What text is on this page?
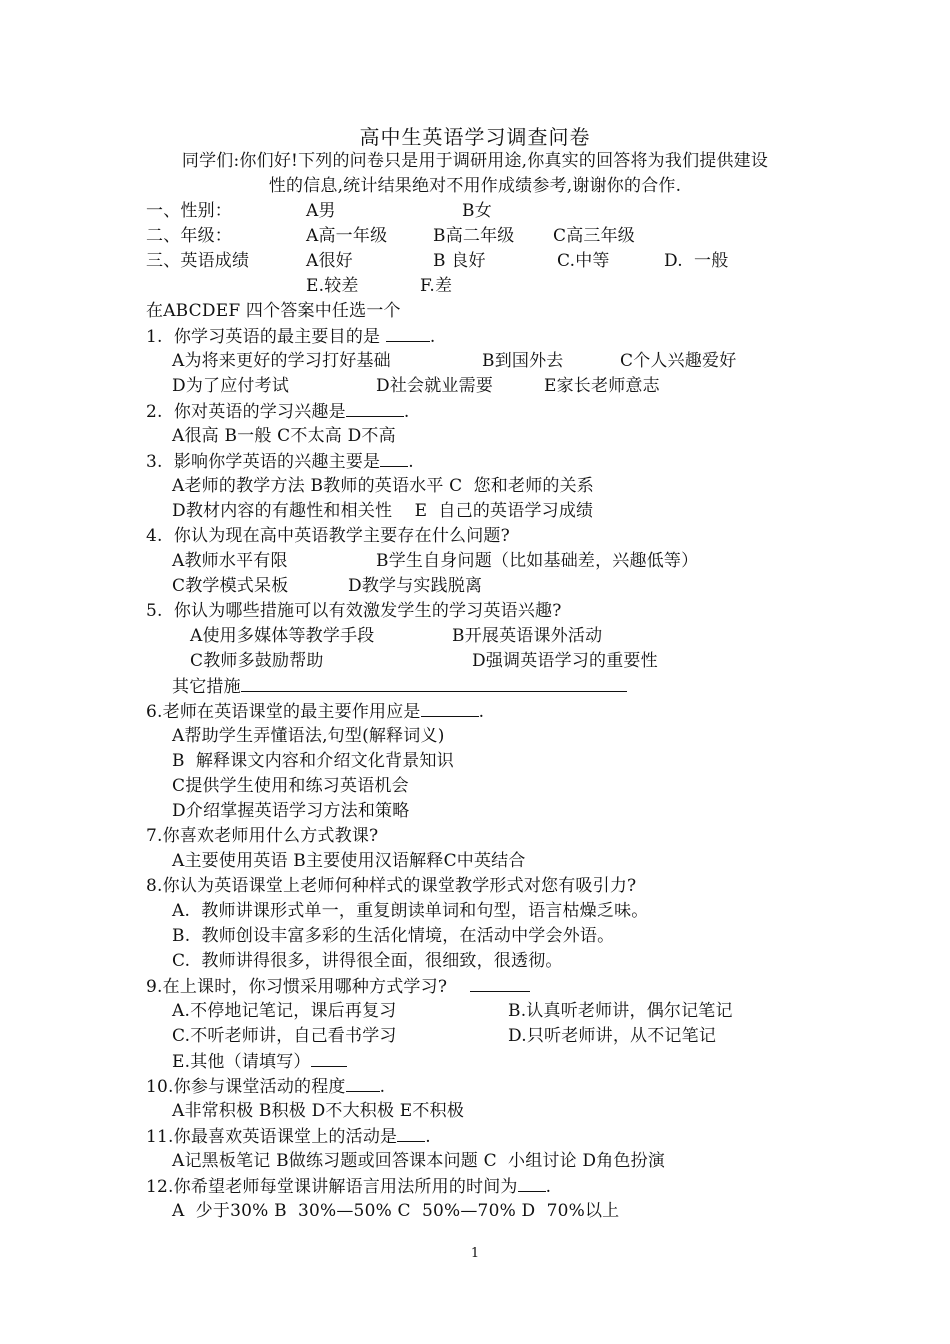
高中生英语学习调查问卷
同学们:你们好!下列的问卷只是用于调研用途,你真实的回答将为我们提供建设
性的信息,统计结果绝对不用作成绩参考,谢谢你的合作.
一、性别：	A男	B女
二、年级：	A高一年级	B高二年级 C高三年级
三、英语成绩	A很好	B 良好	C.中等	D.  一般
E.较差	F.差
在ABCDEF 四个答案中任选一个
1.  你学习英语的最主要目的是	.
A为将来更好的学习打好基础	B到国外去	C个人兴趣爱好
D为了应付考试	D社会就业需要	E家长老师意志
2.  你对英语的学习兴趣是	.
A很高 B一般 C不太高 D不高
3.  影响你学英语的兴趣主要是 .
A老师的教学方法 B教师的英语水平 C  您和老师的关系
D教材内容的有趣性和相关性    E  自己的英语学习成绩
4.  你认为现在高中英语教学主要存在什么问题?
A教师水平有限	B学生自身问题（比如基础差，兴趣低等）
C教学模式呆板	D教学与实践脱离
5.  你认为哪些措施可以有效激发学生的学习英语兴趣?
A使用多媒体等教学手段	B开展英语课外活动
C教师多鼓励帮助	D强调英语学习的重要性
其它措施
6.老师在英语课堂的最主要作用应是	.
A帮助学生弄懂语法,句型(解释词义)
B  解释课文内容和介绍文化背景知识
C提供学生使用和练习英语机会
D介绍掌握英语学习方法和策略
7.你喜欢老师用什么方式教课?
A主要使用英语 B主要使用汉语解释C中英结合
8.你认为英语课堂上老师何种样式的课堂教学形式对您有吸引力?
A.  教师讲课形式单一，重复朗读单词和句型，语言枯燥乏味。
B.  教师创设丰富多彩的生活化情境，在活动中学会外语。
C.  教师讲得很多，讲得很全面，很细致，很透彻。
9.在上课时，你习惯采用哪种方式学习?
A.不停地记笔记，课后再复习	B.认真听老师讲，偶尔记笔记
C.不听老师讲，自己看书学习	D.只听老师讲，从不记笔记
E.其他（请填写）
10.你参与课堂活动的程度 .
A非常积极 B积极 D不大积极 E不积极
11.你最喜欢英语课堂上的活动是 .
A记黑板笔记 B做练习题或回答课本问题 C  小组讨论 D角色扮演
12.你希望老师每堂课讲解语言用法所用的时间为 .
A  少于30% B  30%—50% C  50%—70% D  70%以上
1
